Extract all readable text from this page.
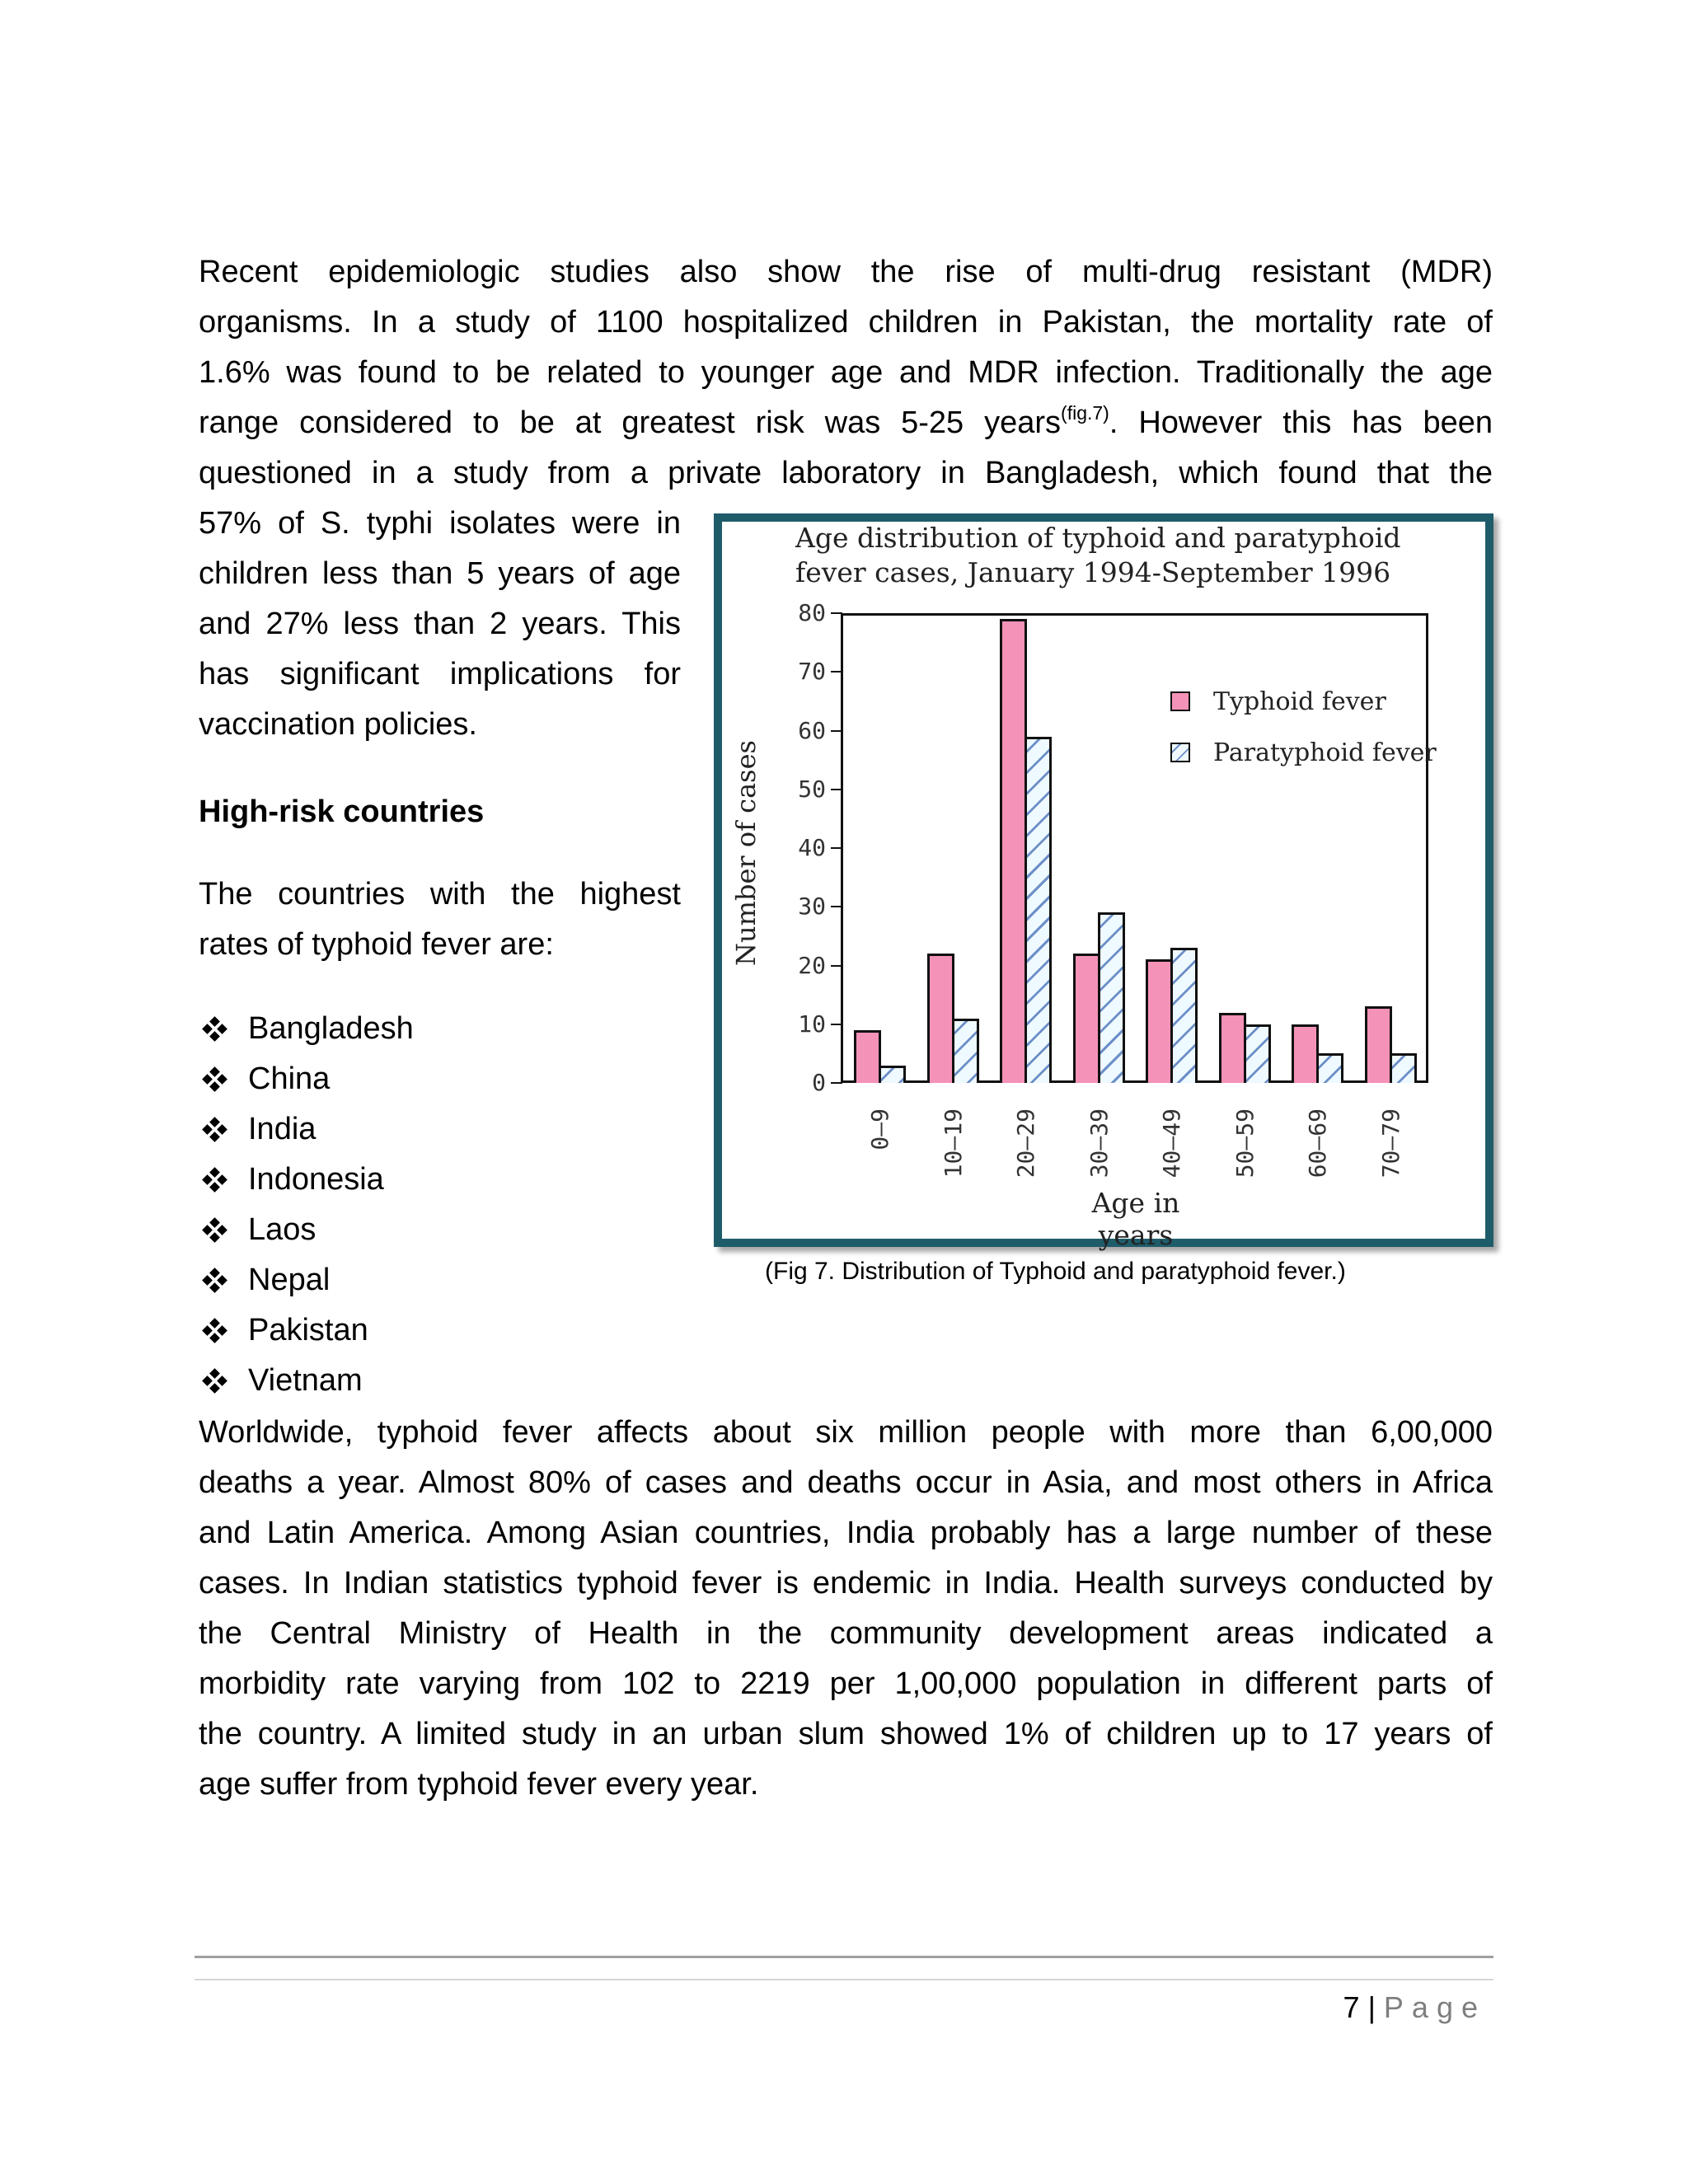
Recent epidemiologic studies also show the rise of multi-drug resistant (MDR)
organisms. In a study of 1100 hospitalized children in Pakistan, the mortality rate of
1.6% was found to be related to younger age and MDR infection. Traditionally the age
range considered to be at greatest risk was 5-25 years$^{(fig.7)}$. However this has been
questioned in a study from a private laboratory in Bangladesh, which found that the
57% of S. typhi isolates were in
children less than 5 years of age
and 27% less than 2 years. This
has significant implications for
vaccination policies.
High-risk countries
The countries with the highest
rates of typhoid fever are:
Bangladesh
China
India
Indonesia
Laos
Nepal
Pakistan
Vietnam
Age distribution of typhoid and paratyphoid
fever cases, January 1994-September 1996
Number of cases
0
10
20
30
40
50
60
70
80
0–9 10–19 20–29 30–39 40–49 50–59 60–69 70–79
Age in years
Typhoid fever
Paratyphoid fever
(Fig 7. Distribution of Typhoid and paratyphoid fever.)
Worldwide, typhoid fever affects about six million people with more than 6,00,000
deaths a year. Almost 80% of cases and deaths occur in Asia, and most others in Africa
and Latin America. Among Asian countries, India probably has a large number of these
cases. In Indian statistics typhoid fever is endemic in India. Health surveys conducted by
the Central Ministry of Health in the community development areas indicated a
morbidity rate varying from 102 to 2219 per 1,00,000 population in different parts of
the country. A limited study in an urban slum showed 1% of children up to 17 years of
age suffer from typhoid fever every year.
7 | Page
